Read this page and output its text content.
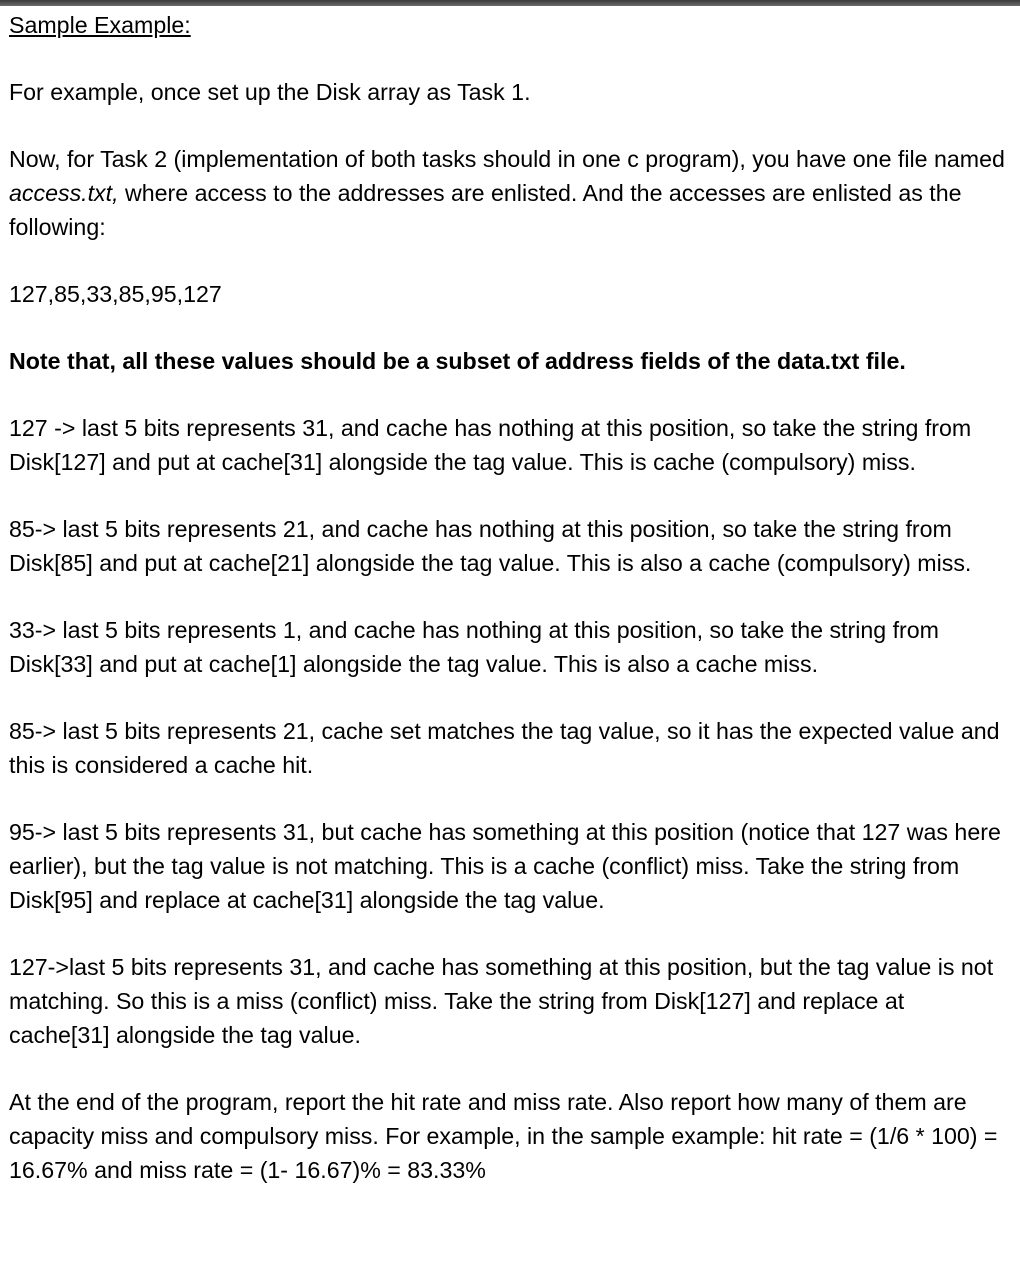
Sample Example:
For example, once set up the Disk array as Task 1.
Now, for Task 2 (implementation of both tasks should in one c program), you have one file named access.txt, where access to the addresses are enlisted. And the accesses are enlisted as the following:
127,85,33,85,95,127
Note that, all these values should be a subset of address fields of the data.txt file.
127 -> last 5 bits represents 31, and cache has nothing at this position, so take the string from Disk[127] and put at cache[31] alongside the tag value. This is cache (compulsory) miss.
85-> last 5 bits represents 21, and cache has nothing at this position, so take the string from Disk[85] and put at cache[21] alongside the tag value. This is also a cache (compulsory) miss.
33-> last 5 bits represents 1, and cache has nothing at this position, so take the string from Disk[33] and put at cache[1] alongside the tag value. This is also a cache miss.
85-> last 5 bits represents 21, cache set matches the tag value, so it has the expected value and this is considered a cache hit.
95-> last 5 bits represents 31, but cache has something at this position (notice that 127 was here earlier), but the tag value is not matching. This is a cache (conflict) miss. Take the string from Disk[95] and replace at cache[31] alongside the tag value.
127->last 5 bits represents 31, and cache has something at this position, but the tag value is not matching. So this is a miss (conflict) miss. Take the string from Disk[127] and replace at cache[31] alongside the tag value.
At the end of the program, report the hit rate and miss rate. Also report how many of them are capacity miss and compulsory miss. For example, in the sample example: hit rate = (1/6 * 100) = 16.67% and miss rate = (1- 16.67)% = 83.33%
